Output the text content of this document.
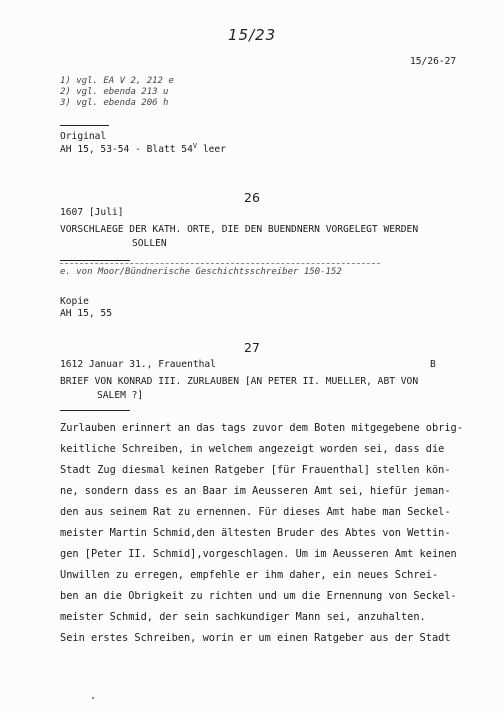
15/23
15/26-27
1) vgl. EA V 2, 212 e
2) vgl. ebenda 213 u
3) vgl. ebenda 206 h
Original
AH 15, 53-54 - Blatt $54^V$ leer
26
1607 [Juli]
VORSCHLAEGE DER KATH. ORTE, DIE DEN BUENDNERN VORGELEGT WERDEN
SOLLEN
e. von Moor/Bündnerische Geschichtsschreiber 150-152
Kopie
AH 15, 55
27
1612 Januar 31., Frauenthal	B
BRIEF VON KONRAD III. ZURLAUBEN [AN PETER II. MUELLER, ABT VON
SALEM ?]
Zurlauben erinnert an das tags zuvor dem Boten mitgegebene obrig-
keitliche Schreiben, in welchem angezeigt worden sei, dass die
Stadt Zug diesmal keinen Ratgeber [für Frauenthal] stellen kön-
ne, sondern dass es an Baar im Aeusseren Amt sei, hiefür jeman-
den aus seinem Rat zu ernennen. Für dieses Amt habe man Seckel-
meister Martin Schmid,den ältesten Bruder des Abtes von Wettin-
gen [Peter II. Schmid],vorgeschlagen. Um im Aeusseren Amt keinen
Unwillen zu erregen, empfehle er ihm daher, ein neues Schrei-
ben an die Obrigkeit zu richten und um die Ernennung von Seckel-
meister Schmid, der sein sachkundiger Mann sei, anzuhalten.
Sein erstes Schreiben, worin er um einen Ratgeber aus der Stadt
